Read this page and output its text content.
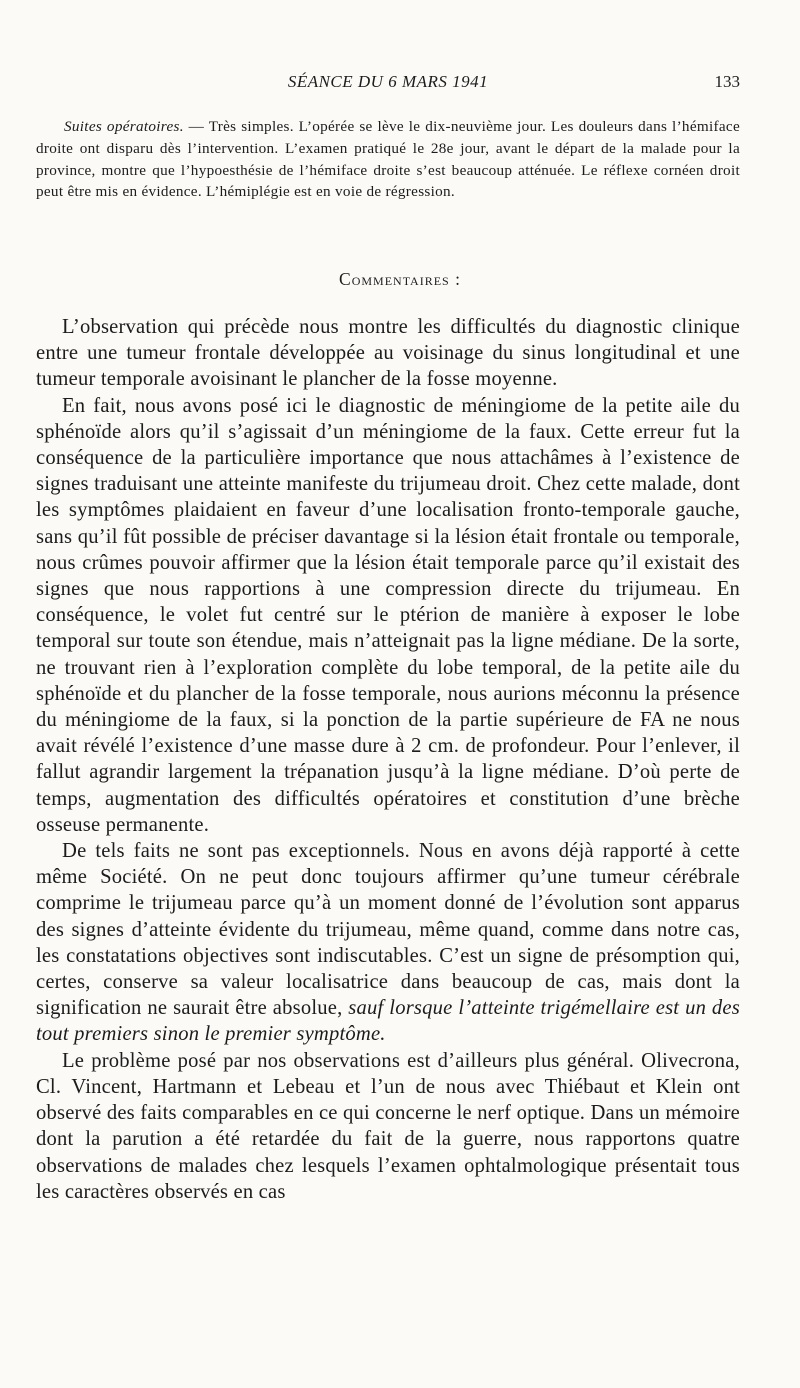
SÉANCE DU 6 MARS 1941	133

Suites opératoires. — Très simples. L’opérée se lève le dix-neuvième jour. Les douleurs dans l’hémiface droite ont disparu dès l’intervention. L’examen pratiqué le 28e jour, avant le départ de la malade pour la province, montre que l’hypoesthésie de l’hémiface droite s’est beaucoup atténuée. Le réflexe cornéen droit peut être mis en évidence. L’hémiplégie est en voie de régression.

Commentaires :

L’observation qui précède nous montre les difficultés du diagnostic clinique entre une tumeur frontale développée au voisinage du sinus longitudinal et une tumeur temporale avoisinant le plancher de la fosse moyenne.

En fait, nous avons posé ici le diagnostic de méningiome de la petite aile du sphénoïde alors qu’il s’agissait d’un méningiome de la faux. Cette erreur fut la conséquence de la particulière importance que nous attachâmes à l’existence de signes traduisant une atteinte manifeste du trijumeau droit. Chez cette malade, dont les symptômes plaidaient en faveur d’une localisation fronto-temporale gauche, sans qu’il fût possible de préciser davantage si la lésion était frontale ou temporale, nous crûmes pouvoir affirmer que la lésion était temporale parce qu’il existait des signes que nous rapportions à une compression directe du trijumeau. En conséquence, le volet fut centré sur le ptérion de manière à exposer le lobe temporal sur toute son étendue, mais n’atteignait pas la ligne médiane. De la sorte, ne trouvant rien à l’exploration complète du lobe temporal, de la petite aile du sphénoïde et du plancher de la fosse temporale, nous aurions méconnu la présence du méningiome de la faux, si la ponction de la partie supérieure de FA ne nous avait révélé l’existence d’une masse dure à 2 cm. de profondeur. Pour l’enlever, il fallut agrandir largement la trépanation jusqu’à la ligne médiane. D’où perte de temps, augmentation des difficultés opératoires et constitution d’une brèche osseuse permanente.

De tels faits ne sont pas exceptionnels. Nous en avons déjà rapporté à cette même Société. On ne peut donc toujours affirmer qu’une tumeur cérébrale comprime le trijumeau parce qu’à un moment donné de l’évolution sont apparus des signes d’atteinte évidente du trijumeau, même quand, comme dans notre cas, les constatations objectives sont indiscutables. C’est un signe de présomption qui, certes, conserve sa valeur localisatrice dans beaucoup de cas, mais dont la signification ne saurait être absolue, sauf lorsque l’atteinte trigémellaire est un des tout premiers sinon le premier symptôme.

Le problème posé par nos observations est d’ailleurs plus général. Olivecrona, Cl. Vincent, Hartmann et Lebeau et l’un de nous avec Thiébaut et Klein ont observé des faits comparables en ce qui concerne le nerf optique. Dans un mémoire dont la parution a été retardée du fait de la guerre, nous rapportons quatre observations de malades chez lesquels l’examen ophtalmologique présentait tous les caractères observés en cas
